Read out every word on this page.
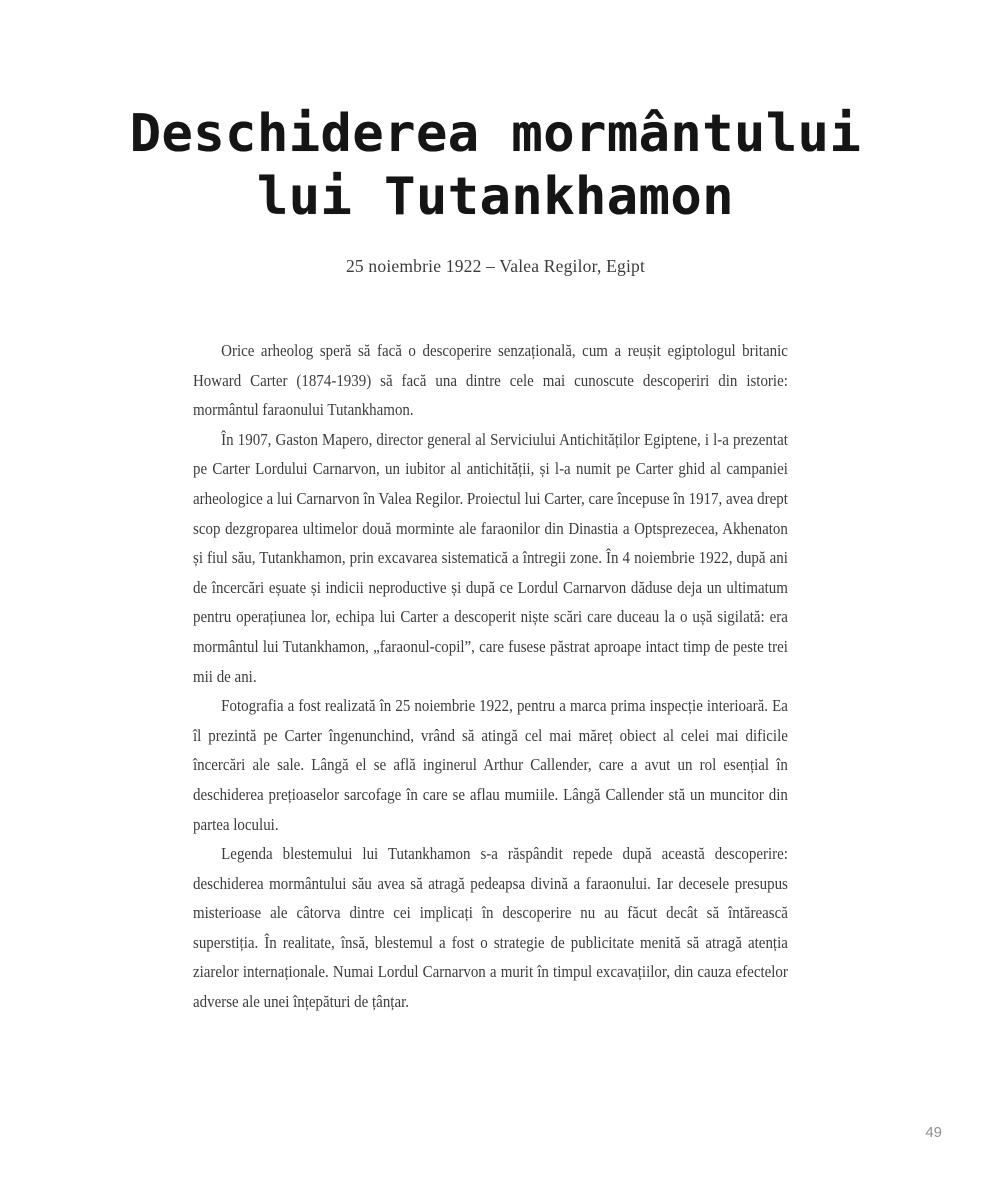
Deschiderea mormântului
lui Tutankhamon
25 noiembrie 1922 – Valea Regilor, Egipt

Orice arheolog speră să facă o descoperire senzațională, cum a reușit egiptologul britanic Howard Carter (1874-1939) să facă una dintre cele mai cunoscute descoperiri din istorie: mormântul faraonului Tutankhamon.

În 1907, Gaston Mapero, director general al Serviciului Antichităților Egiptene, i l-a prezentat pe Carter Lordului Carnarvon, un iubitor al antichității, și l-a numit pe Carter ghid al campaniei arheologice a lui Carnarvon în Valea Regilor. Proiectul lui Carter, care începuse în 1917, avea drept scop dezgroparea ultimelor două morminte ale faraonilor din Dinastia a Optsprezecea, Akhenaton și fiul său, Tutankhamon, prin excavarea sistematică a întregii zone. În 4 noiembrie 1922, după ani de încercări eșuate și indicii neproductive și după ce Lordul Carnarvon dăduse deja un ultimatum pentru operațiunea lor, echipa lui Carter a descoperit niște scări care duceau la o ușă sigilată: era mormântul lui Tutankhamon, „faraonul-copil”, care fusese păstrat aproape intact timp de peste trei mii de ani.

Fotografia a fost realizată în 25 noiembrie 1922, pentru a marca prima inspecție interioară. Ea îl prezintă pe Carter îngenunchind, vrând să atingă cel mai măreț obiect al celei mai dificile încercări ale sale. Lângă el se află inginerul Arthur Callender, care a avut un rol esențial în deschiderea prețioaselor sarcofage în care se aflau mumiile. Lângă Callender stă un muncitor din partea locului.

Legenda blestemului lui Tutankhamon s-a răspândit repede după această descoperire: deschiderea mormântului său avea să atragă pedeapsa divină a faraonului. Iar decesele presupus misterioase ale câtorva dintre cei implicați în descoperire nu au făcut decât să întărească superstiția. În realitate, însă, blestemul a fost o strategie de publicitate menită să atragă atenția ziarelor internaționale. Numai Lordul Carnarvon a murit în timpul excavațiilor, din cauza efectelor adverse ale unei înțepături de țânțar.

49
